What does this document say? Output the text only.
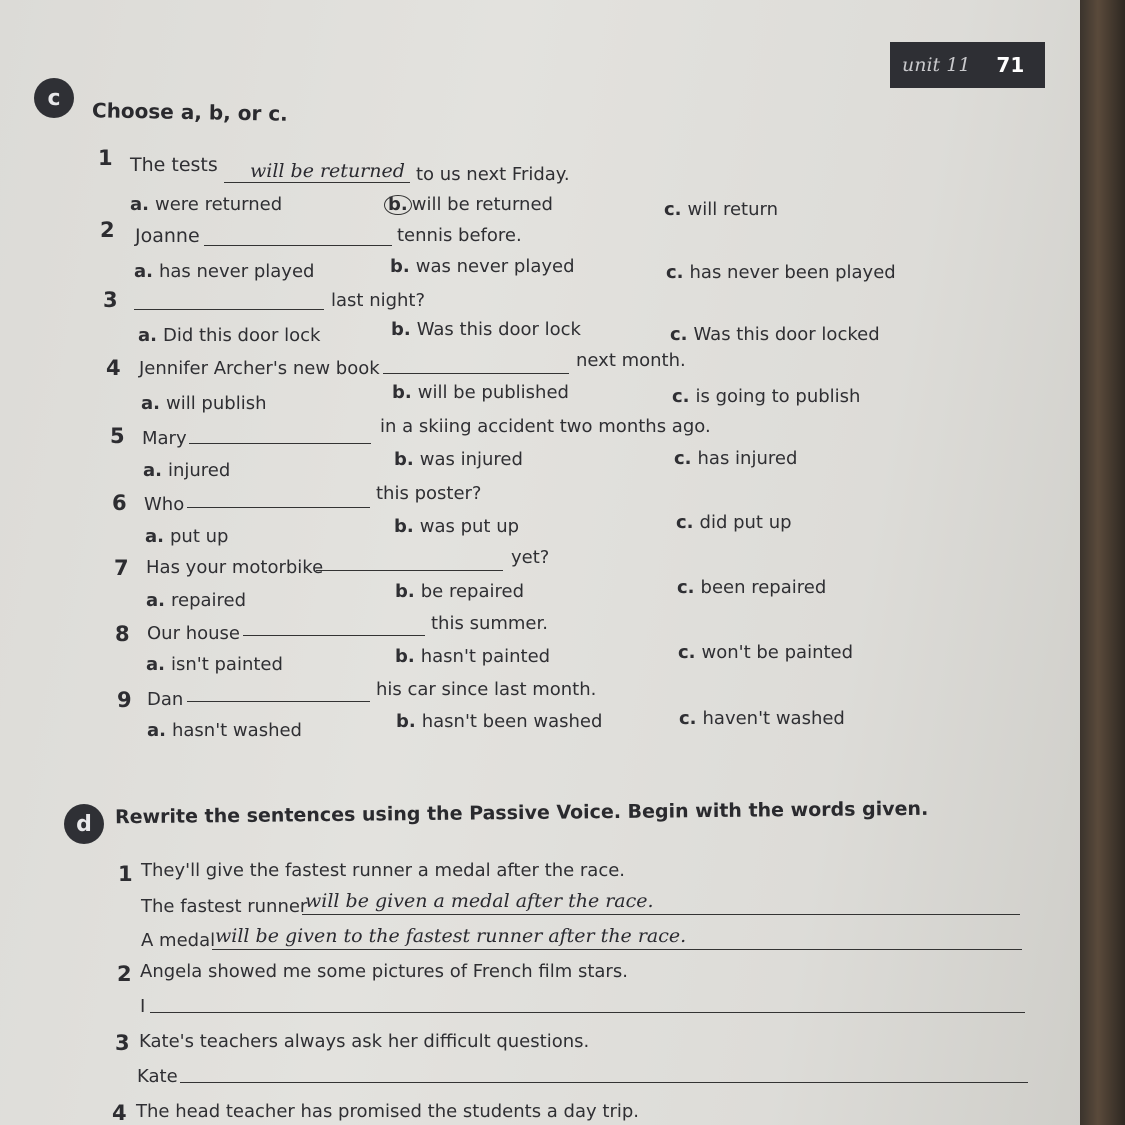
unit 11 71
c
Choose a, b, or c.
1 The tests will be returned to us next Friday.
a. were returned	b. will be returned	c. will return
2 Joanne	tennis before.
a. has never played	b. was never played	c. has never been played
3	last night?
a. Did this door lock	b. Was this door lock	c. Was this door locked
4 Jennifer Archer's new book	next month.
a. will publish
b. will be published	c. is going to publish
5 Mary
in a skiing accident two months ago.
a. injured
b. was injured	c. has injured
6 Who
this poster?
a. put up	b. was put up	c. did put up
7 Has your motorbike	yet?
a. repaired	b. be repaired	c. been repaired
8 Our house	this summer.
a. isn't painted	b. hasn't painted	c. won't be painted
9 Dan	his car since last month.
a. hasn't washed	b. hasn't been washed	c. haven't washed
d	Rewrite the sentences using the Passive Voice. Begin with the words given.
1 They'll give the fastest runner a medal after the race.
The fastest runner
will be given a medal after the race.
A medal will be given to the fastest runner after the race.
2 Angela showed me some pictures of French film stars.
I
3 Kate's teachers always ask her difficult questions.
Kate
4 The head teacher has promised the students a day trip.
